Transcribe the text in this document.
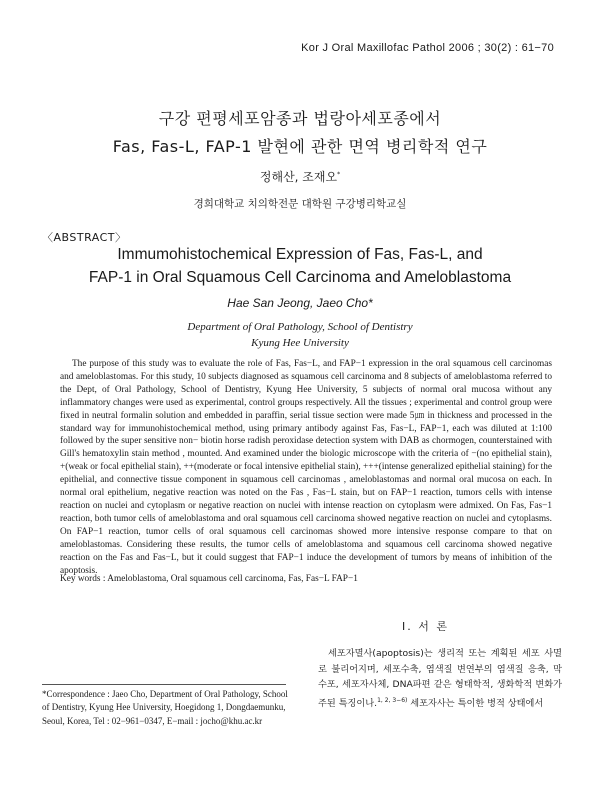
Kor J Oral Maxillofac Pathol 2006 ; 30(2) : 61−70
구강 편평세포암종과 법랑아세포종에서
Fas, Fas-L, FAP-1 발현에 관한 면역 병리학적 연구
정해산, 조재오*
경희대학교 치의학전문 대학원 구강병리학교실
〈ABSTRACT〉
Immumohistochemical Expression of Fas, Fas-L, and
FAP-1 in Oral Squamous Cell Carcinoma and Ameloblastoma
Hae San Jeong, Jaeo Cho*
Department of Oral Pathology, School of Dentistry
Kyung Hee University

The purpose of this study was to evaluate the role of Fas, Fas−L, and FAP−1 expression in the oral squamous cell carcinomas and ameloblastomas. For this study, 10 subjects diagnosed as squamous cell carcinoma and 8 subjects of ameloblastoma referred to the Dept, of Oral Pathology, School of Dentistry, Kyung Hee University, 5 subjects of normal oral mucosa without any inflammatory changes were used as experimental, control groups respectively. All the tissues ; experimental and control group were fixed in neutral formalin solution and embedded in paraffin, serial tissue section were made 5㎛ in thickness and processed in the standard way for immunohistochemical method, using primary antibody against Fas, Fas−L, FAP−1, each was diluted at 1:100 followed by the super sensitive non− biotin horse radish peroxidase detection system with DAB as chormogen, counterstained with Gill's hematoxylin stain method , mounted. And examined under the biologic microscope with the criteria of −(no epithelial stain), +(weak or focal epithelial stain), ++(moderate or focal intensive epithelial stain), +++(intense generalized epithelial staining) for the epithelial, and connective tissue component in squamous cell carcinomas , ameloblastomas and normal oral mucosa on each. In normal oral epithelium, negative reaction was noted on the Fas , Fas−L stain, but on FAP−1 reaction, tumors cells with intense reaction on nuclei and cytoplasm or negative reaction on nuclei with intense reaction on cytoplasm were admixed. On Fas, Fas−1 reaction, both tumor cells of ameloblastoma and oral squamous cell carcinoma showed negative reaction on nuclei and cytoplasms. On FAP−1 reaction, tumor cells of oral squamous cell carcinomas showed more intensive response compare to that on ameloblastomas. Considering these results, the tumor cells of ameloblastoma and squamous cell carcinoma showed negative reaction on the Fas and Fas−L, but it could suggest that FAP−1 induce the development of tumors by means of inhibition of the apoptosis.

Key words : Ameloblastoma, Oral squamous cell carcinoma, Fas, Fas−L FAP−1
Ⅰ. 서 론

세포자멸사(apoptosis)는 생리적 또는 계획된 세포 사멸로 불리어지며, 세포수축, 염색질 변연부의 염색질 응축, 막 수포, 세포자사체, DNA파편 같은 형태학적, 생화학적 변화가 주된 특징이나.$^{1, 2, 3-6)}$ 세포자사는 특이한 병적 상태에서

*Correspondence : Jaeo Cho, Department of Oral Pathology, School of Dentistry, Kyung Hee University, Hoegidong 1, Dongdaemunku, Seoul, Korea, Tel : 02−961−0347, E−mail : jocho@khu.ac.kr
